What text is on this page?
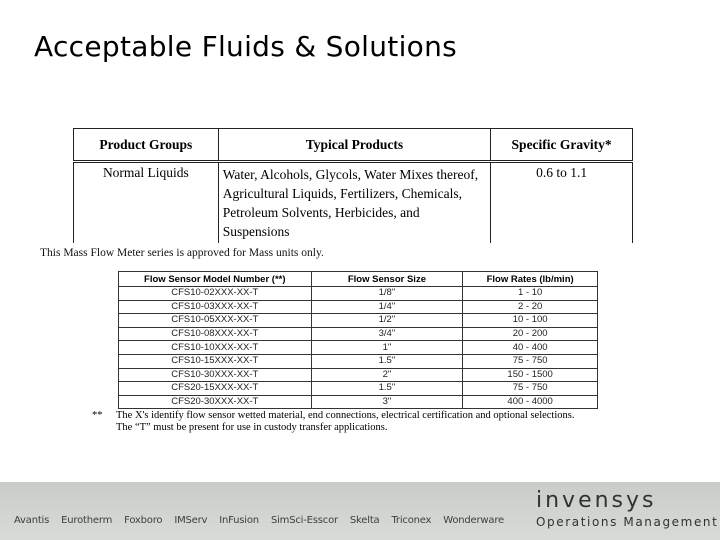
Acceptable Fluids & Solutions
Product Groups	Typical Products	Specific Gravity*
Normal Liquids	Water, Alcohols, Glycols, Water Mixes thereof,
Agricultural Liquids, Fertilizers, Chemicals,
Petroleum Solvents, Herbicides, and Suspensions	0.6 to 1.1
This Mass Flow Meter series is approved for Mass units only.
Flow Sensor Model Number (**)	Flow Sensor Size	Flow Rates (lb/min)
CFS10-02XXX-XX-T	1/8"	1 - 10
CFS10-03XXX-XX-T	1/4"	2 - 20
CFS10-05XXX-XX-T	1/2"	10 - 100
CFS10-08XXX-XX-T	3/4"	20 - 200
CFS10-10XXX-XX-T	1"	40 - 400
CFS10-15XXX-XX-T	1.5"	75 - 750
CFS10-30XXX-XX-T	2"	150 - 1500
CFS20-15XXX-XX-T	1.5"	75 - 750
CFS20-30XXX-XX-T	3"	400 - 4000
** The X's identify flow sensor wetted material, end connections, electrical certification and optional selections.
The “T” must be present for use in custody transfer applications.
Avantis Eurotherm Foxboro IMServ InFusion SimSci-Esscor Skelta Triconex Wonderware
invensys
Operations Management
